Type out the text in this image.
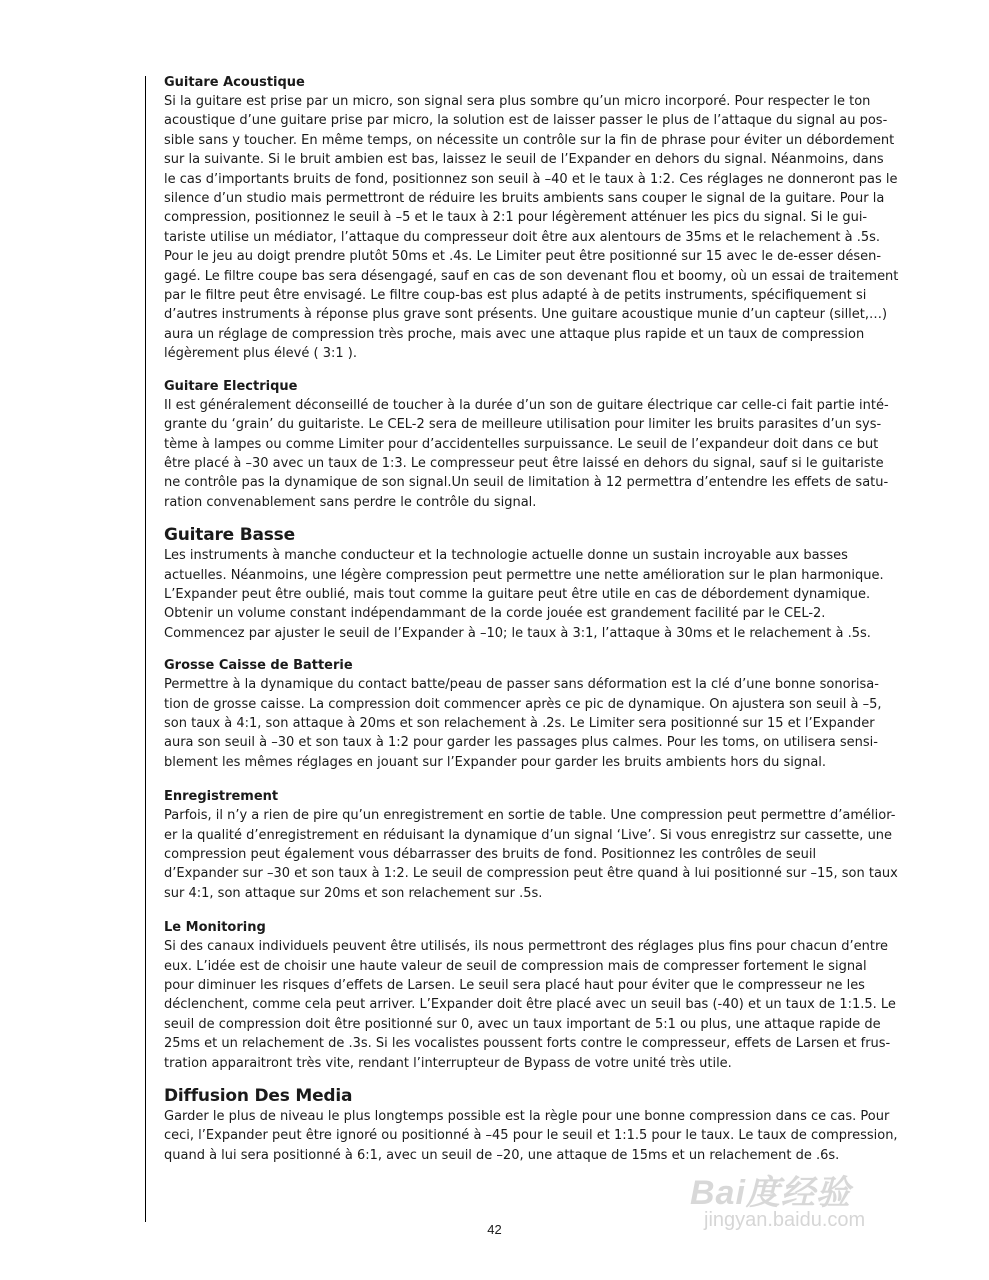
Guitare Acoustique

Si la guitare est prise par un micro, son signal sera plus sombre qu’un micro incorporé. Pour respecter le ton
acoustique d’une guitare prise par micro, la solution est de laisser passer le plus de l’attaque du signal au pos-
sible sans y toucher. En même temps, on nécessite un contrôle sur la fin de phrase pour éviter un débordement
sur la suivante. Si le bruit ambien est bas, laissez le seuil de l’Expander en dehors du signal. Néanmoins, dans
le cas d’importants bruits de fond, positionnez son seuil à –40 et le taux à 1:2. Ces réglages ne donneront pas le
silence d’un studio mais permettront de réduire les bruits ambients sans couper le signal de la guitare. Pour la
compression, positionnez le seuil à –5 et le taux à 2:1 pour légèrement atténuer les pics du signal. Si le gui-
tariste utilise un médiator, l’attaque du compresseur doit être aux alentours de 35ms et le relachement à .5s.
Pour le jeu au doigt prendre plutôt 50ms et .4s. Le Limiter peut être positionné sur 15 avec le de-esser désen-
gagé. Le filtre coupe bas sera désengagé, sauf en cas de son devenant flou et boomy, où un essai de traitement
par le filtre peut être envisagé. Le filtre coup-bas est plus adapté à de petits instruments, spécifiquement si
d’autres instruments à réponse plus grave sont présents. Une guitare acoustique munie d’un capteur (sillet,…)
aura un réglage de compression très proche, mais avec une attaque plus rapide et un taux de compression
légèrement plus élevé ( 3:1 ).

Guitare Electrique

Il est généralement déconseillé de toucher à la durée d’un son de guitare électrique car celle-ci fait partie inté-
grante du ‘grain’ du guitariste. Le CEL-2 sera de meilleure utilisation pour limiter les bruits parasites d’un sys-
tème à lampes ou comme Limiter pour d’accidentelles surpuissance. Le seuil de l’expandeur doit dans ce but
être placé à –30 avec un taux de 1:3. Le compresseur peut être laissé en dehors du signal, sauf si le guitariste
ne contrôle pas la dynamique de son signal.Un seuil de limitation à 12 permettra d’entendre les effets de satu-
ration convenablement sans perdre le contrôle du signal.

Guitare Basse

Les instruments à manche conducteur et la technologie actuelle donne un sustain incroyable aux basses
actuelles. Néanmoins, une légère compression peut permettre une nette amélioration sur le plan harmonique.
L’Expander peut être oublié, mais tout comme la guitare peut être utile en cas de débordement dynamique.
Obtenir un volume constant indépendammant de la corde jouée est grandement facilité par le CEL-2.
Commencez par ajuster le seuil de l’Expander à –10; le taux à 3:1, l’attaque à 30ms et le relachement à .5s.

Grosse Caisse de Batterie

Permettre à la dynamique du contact batte/peau de passer sans déformation est la clé d’une bonne sonorisa-
tion de grosse caisse. La compression doit commencer après ce pic de dynamique. On ajustera son seuil à –5,
son taux à 4:1, son attaque à 20ms et son relachement à .2s. Le Limiter sera positionné sur 15 et l’Expander
aura son seuil à –30 et son taux à 1:2 pour garder les passages plus calmes. Pour les toms, on utilisera sensi-
blement les mêmes réglages en jouant sur l’Expander pour garder les bruits ambients hors du signal.

Enregistrement

Parfois, il n’y a rien de pire qu’un enregistrement en sortie de table. Une compression peut permettre d’amélior-
er la qualité d’enregistrement en réduisant la dynamique d’un signal ‘Live’. Si vous enregistrz sur cassette, une
compression peut également vous débarrasser des bruits de fond. Positionnez les contrôles de seuil
d’Expander sur –30 et son taux à 1:2. Le seuil de compression peut être quand à lui positionné sur –15, son taux
sur 4:1, son attaque sur 20ms et son relachement sur .5s.

Le Monitoring

Si des canaux individuels peuvent être utilisés, ils nous permettront des réglages plus fins pour chacun d’entre
eux. L’idée est de choisir une haute valeur de seuil de compression mais de compresser fortement le signal
pour diminuer les risques d’effets de Larsen. Le seuil sera placé haut pour éviter que le compresseur ne les
déclenchent, comme cela peut arriver. L’Expander doit être placé avec un seuil bas (-40) et un taux de 1:1.5. Le
seuil de compression doit être positionné sur 0, avec un taux important de 5:1 ou plus, une attaque rapide de
25ms et un relachement de .3s. Si les vocalistes poussent forts contre le compresseur, effets de Larsen et frus-
tration apparaitront très vite, rendant l’interrupteur de Bypass de votre unité très utile.

Diffusion Des Media

Garder le plus de niveau le plus longtemps possible est la règle pour une bonne compression dans ce cas. Pour
ceci, l’Expander peut être ignoré ou positionné à –45 pour le seuil et 1:1.5 pour le taux. Le taux de compression,
quand à lui sera positionné à 6:1, avec un seuil de –20, une attaque de 15ms et un relachement de .6s.

42
Bai度经验
jingyan.baidu.com
